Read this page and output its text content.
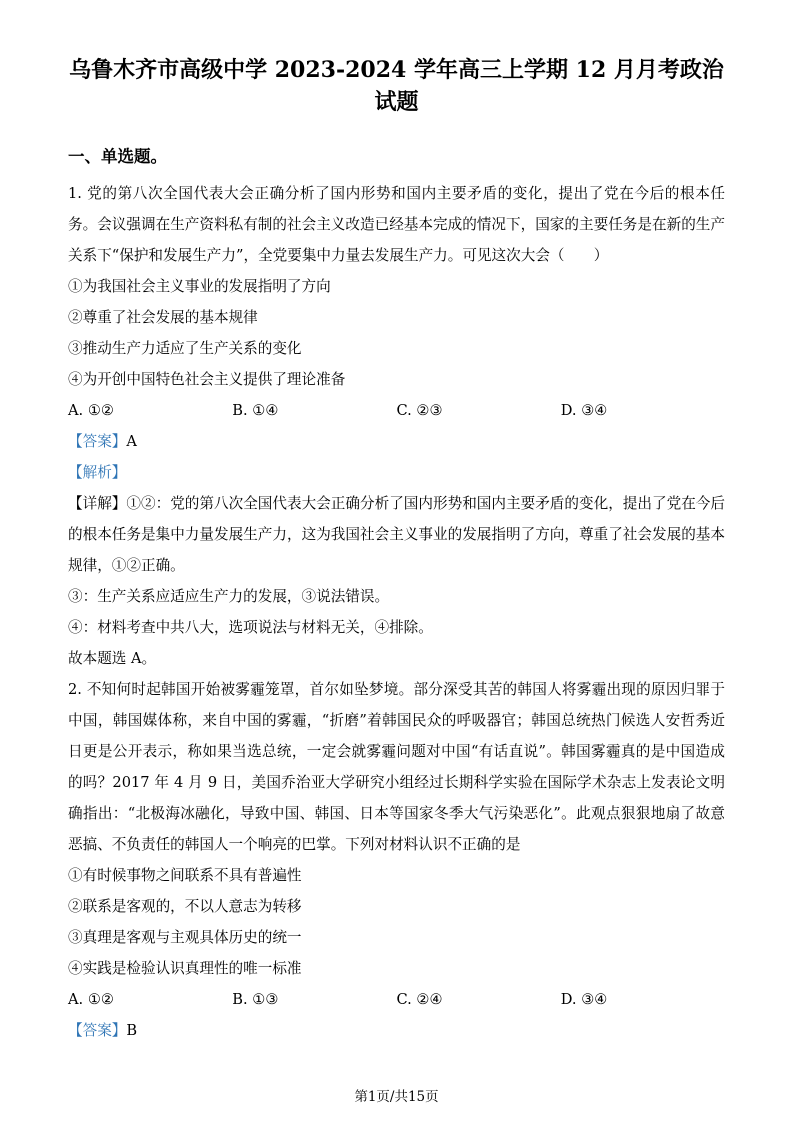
乌鲁木齐市高级中学 2023-2024 学年高三上学期 12 月月考政治试题
一、单选题。

1. 党的第八次全国代表大会正确分析了国内形势和国内主要矛盾的变化，提出了党在今后的根本任务。会议强调在生产资料私有制的社会主义改造已经基本完成的情况下，国家的主要任务是在新的生产关系下“保护和发展生产力”，全党要集中力量去发展生产力。可见这次大会（　　）

①为我国社会主义事业的发展指明了方向

②尊重了社会发展的基本规律

③推动生产力适应了生产关系的变化

④为开创中国特色社会主义提供了理论准备

A. ①②	B. ①④	C. ②③	D. ③④

【答案】A

【解析】

【详解】①②：党的第八次全国代表大会正确分析了国内形势和国内主要矛盾的变化，提出了党在今后的根本任务是集中力量发展生产力，这为我国社会主义事业的发展指明了方向，尊重了社会发展的基本规律，①②正确。

③：生产关系应适应生产力的发展，③说法错误。

④：材料考查中共八大，选项说法与材料无关，④排除。

故本题选 A。

2. 不知何时起韩国开始被雾霾笼罩，首尔如坠梦境。部分深受其苦的韩国人将雾霾出现的原因归罪于中国，韩国媒体称，来自中国的雾霾，“折磨”着韩国民众的呼吸器官；韩国总统热门候选人安哲秀近日更是公开表示，称如果当选总统，一定会就雾霾问题对中国“有话直说”。韩国雾霾真的是中国造成的吗？2017 年 4 月 9 日，美国乔治亚大学研究小组经过长期科学实验在国际学术杂志上发表论文明确指出：“北极海冰融化，导致中国、韩国、日本等国家冬季大气污染恶化”。此观点狠狠地扇了故意恶搞、不负责任的韩国人一个响亮的巴掌。下列对材料认识不正确的是

①有时候事物之间联系不具有普遍性

②联系是客观的，不以人意志为转移

③真理是客观与主观具体历史的统一

④实践是检验认识真理性的唯一标准

A. ①②	B. ①③	C. ②④	D. ③④

【答案】B

第1页/共15页
